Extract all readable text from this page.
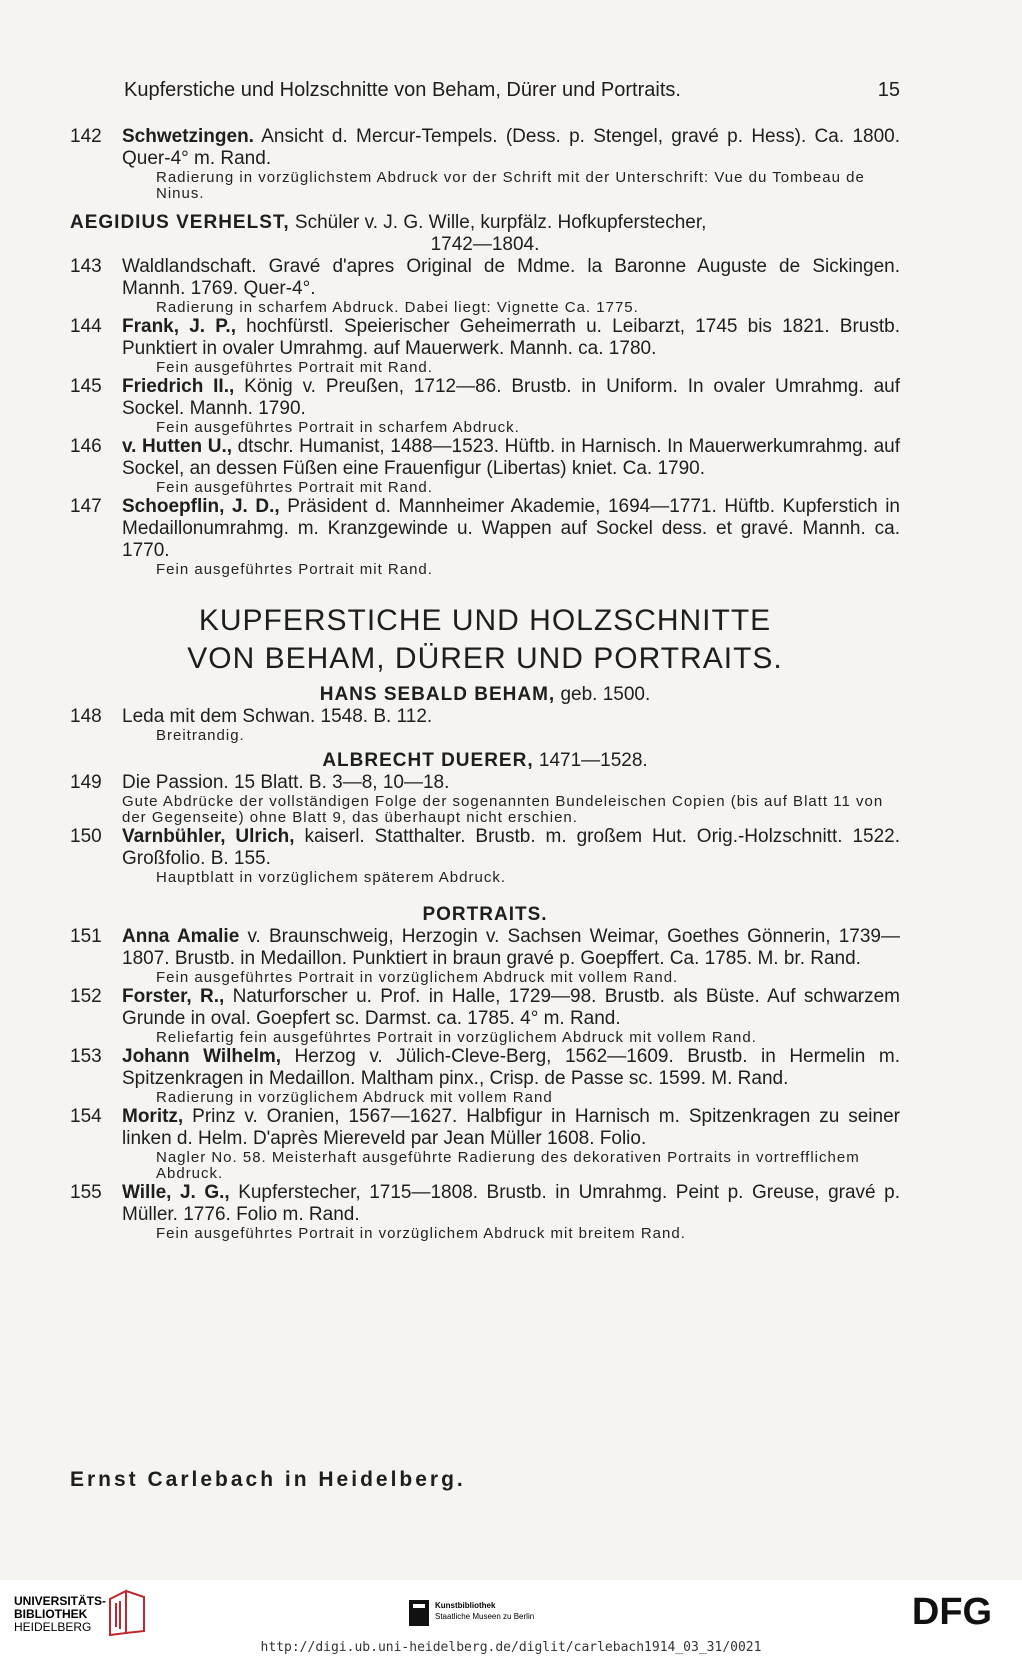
Kupferstiche und Holzschnitte von Beham, Dürer und Portraits.	15
142	Schwetzingen. Ansicht d. Mercur-Tempels. (Dess. p. Stengel, gravé p. Hess). Ca. 1800. Quer-4° m. Rand.
Radierung in vorzüglichstem Abdruck vor der Schrift mit der Unterschrift: Vue du Tombeau de Ninus.
AEGIDIUS VERHELST, Schüler v. J. G. Wille, kurpfälz. Hofkupferstecher,
1742—1804.
143	Waldlandschaft. Gravé d'apres Original de Mdme. la Baronne Auguste de Sickingen. Mannh. 1769. Quer-4°.
Radierung in scharfem Abdruck. Dabei liegt: Vignette Ca. 1775.
144	Frank, J. P., hochfürstl. Speierischer Geheimerrath u. Leibarzt, 1745 bis 1821. Brustb. Punktiert in ovaler Umrahmg. auf Mauerwerk. Mannh. ca. 1780.
Fein ausgeführtes Portrait mit Rand.
145	Friedrich II., König v. Preußen, 1712—86. Brustb. in Uniform. In ovaler Umrahmg. auf Sockel. Mannh. 1790.
Fein ausgeführtes Portrait in scharfem Abdruck.
146	v. Hutten U., dtschr. Humanist, 1488—1523. Hüftb. in Harnisch. In Mauerwerkumrahmg. auf Sockel, an dessen Füßen eine Frauenfigur (Libertas) kniet. Ca. 1790.
Fein ausgeführtes Portrait mit Rand.
147	Schoepflin, J. D., Präsident d. Mannheimer Akademie, 1694—1771. Hüftb. Kupferstich in Medaillonumrahmg. m. Kranzgewinde u. Wappen auf Sockel dess. et gravé. Mannh. ca. 1770.
Fein ausgeführtes Portrait mit Rand.
KUPFERSTICHE UND HOLZSCHNITTE
VON BEHAM, DÜRER UND PORTRAITS.
HANS SEBALD BEHAM, geb. 1500.
148	Leda mit dem Schwan. 1548. B. 112.
Breitrandig.
ALBRECHT DUERER, 1471—1528.
149	Die Passion. 15 Blatt. B. 3—8, 10—18.
Gute Abdrücke der vollständigen Folge der sogenannten Bundeleischen Copien (bis auf Blatt 11 von der Gegenseite) ohne Blatt 9, das überhaupt nicht erschien.
150	Varnbühler, Ulrich, kaiserl. Statthalter. Brustb. m. großem Hut. Orig.-Holzschnitt. 1522. Großfolio. B. 155.
Hauptblatt in vorzüglichem späterem Abdruck.
PORTRAITS.
151	Anna Amalie v. Braunschweig, Herzogin v. Sachsen Weimar, Goethes Gönnerin, 1739—1807. Brustb. in Medaillon. Punktiert in braun gravé p. Goepffert. Ca. 1785. M. br. Rand.
Fein ausgeführtes Portrait in vorzüglichem Abdruck mit vollem Rand.
152	Forster, R., Naturforscher u. Prof. in Halle, 1729—98. Brustb. als Büste. Auf schwarzem Grunde in oval. Goepfert sc. Darmst. ca. 1785. 4° m. Rand.
Reliefartig fein ausgeführtes Portrait in vorzüglichem Abdruck mit vollem Rand.
153	Johann Wilhelm, Herzog v. Jülich-Cleve-Berg, 1562—1609. Brustb. in Hermelin m. Spitzenkragen in Medaillon. Maltham pinx., Crisp. de Passe sc. 1599. M. Rand.
Radierung in vorzüglichem Abdruck mit vollem Rand
154	Moritz, Prinz v. Oranien, 1567—1627. Halbfigur in Harnisch m. Spitzenkragen zu seiner linken d. Helm. D'après Miereveld par Jean Müller 1608. Folio.
Nagler No. 58. Meisterhaft ausgeführte Radierung des dekorativen Portraits in vortrefflichem Abdruck.
155	Wille, J. G., Kupferstecher, 1715—1808. Brustb. in Umrahmg. Peint p. Greuse, gravé p. Müller. 1776. Folio m. Rand.
Fein ausgeführtes Portrait in vorzüglichem Abdruck mit breitem Rand.
Ernst Carlebach in Heidelberg.
UNIVERSITÄTS-
BIBLIOTHEK
HEIDELBERG
Kunstbibliothek
Staatliche Museen zu Berlin	DFG
http://digi.ub.uni-heidelberg.de/diglit/carlebach1914_03_31/0021
